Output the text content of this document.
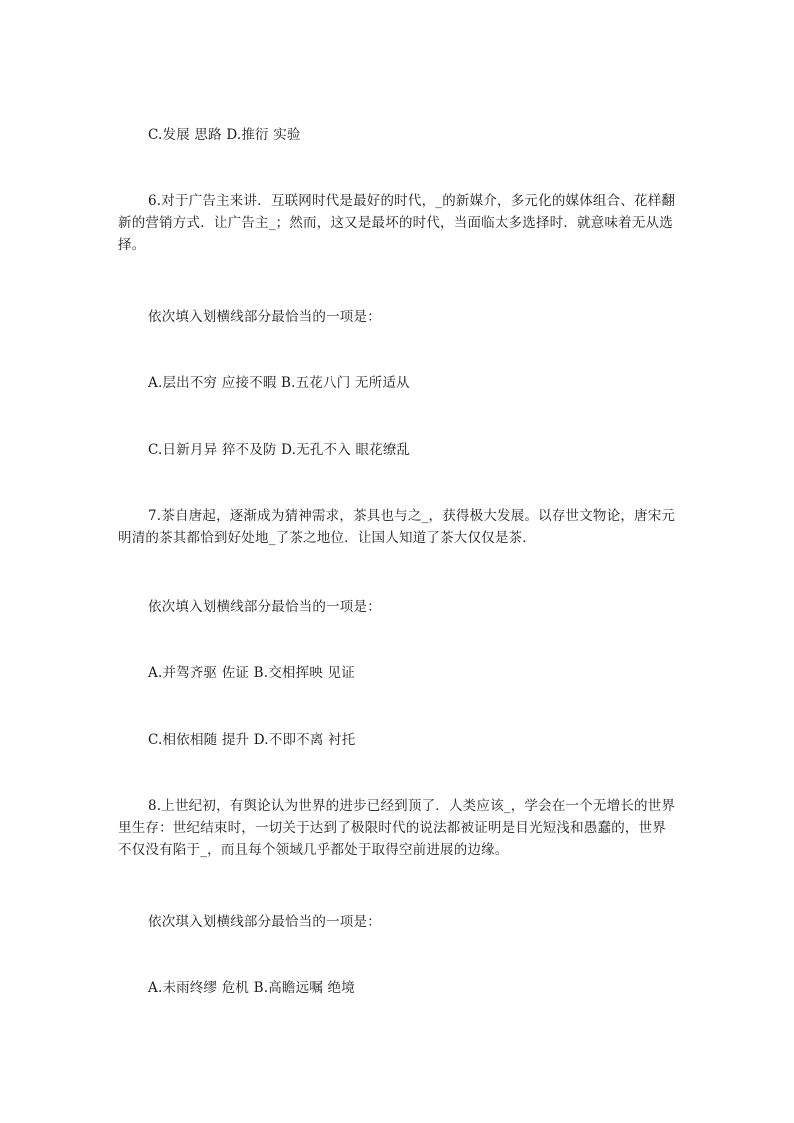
C.发展 思路 D.推衍 实验
6.对于广告主来讲．互联网时代是最好的时代，_的新媒介，多元化的媒体组合、花样翻新的营销方式．让广告主_；然而，这又是最坏的时代，当面临太多选择时．就意味着无从选择。
依次填入划横线部分最恰当的一项是：
A.层出不穷 应接不暇 B.五花八门 无所适从
C.日新月异 猝不及防 D.无孔不入 眼花缭乱
7.茶自唐起，逐渐成为猜神需求，茶具也与之_，获得极大发展。以存世文物论，唐宋元明清的茶其都恰到好处地_了茶之地位．让国人知道了茶大仅仅是茶．
依次填入划横线部分最恰当的一项是：
A.并驾齐驱 佐证 B.交相挥映 见证
C.相依相随 提升 D.不即不离 衬托
8.上世纪初，有舆论认为世界的进步已经到顶了．人类应该_，学会在一个无增长的世界里生存：世纪结束时，一切关于达到了极限时代的说法都被证明是目光短浅和愚蠢的，世界不仅没有陷于_，而且每个领域几乎都处于取得空前进展的边缘。
依次琪入划横线部分最恰当的一项是：
A.未雨终缪 危机 B.高瞻远嘱 绝境
